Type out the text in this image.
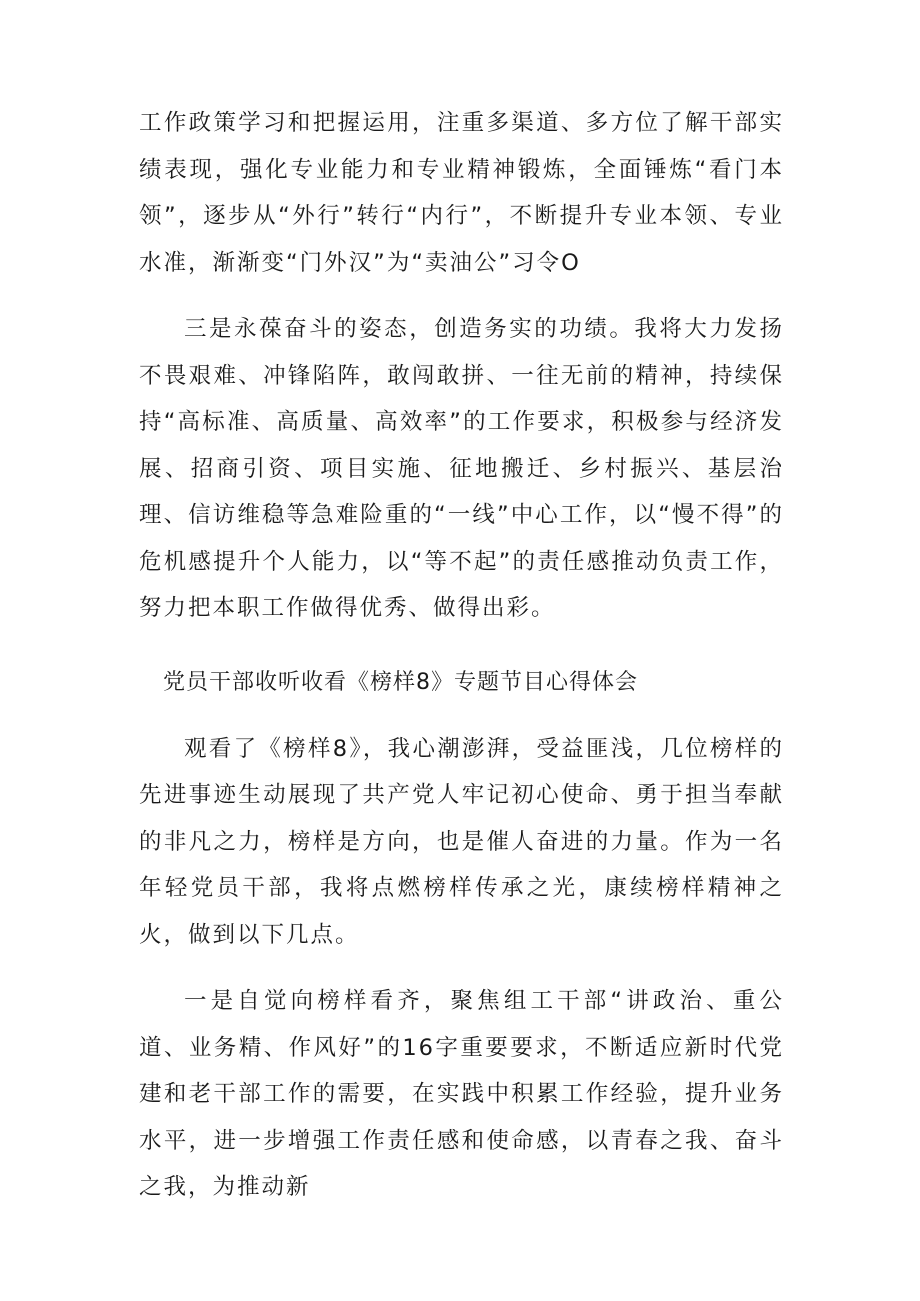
工作政策学习和把握运用，注重多渠道、多方位了解干部实绩表现，强化专业能力和专业精神锻炼，全面锤炼“看门本领”，逐步从“外行”转行“内行”，不断提升专业本领、专业水准，渐渐变“门外汉”为“卖油公”习令O

三是永葆奋斗的姿态，创造务实的功绩。我将大力发扬不畏艰难、冲锋陷阵，敢闯敢拼、一往无前的精神，持续保持“高标准、高质量、高效率”的工作要求，积极参与经济发展、招商引资、项目实施、征地搬迁、乡村振兴、基层治理、信访维稳等急难险重的“一线”中心工作，以“慢不得”的危机感提升个人能力，以“等不起”的责任感推动负责工作，努力把本职工作做得优秀、做得出彩。

党员干部收听收看《榜样8》专题节目心得体会

观看了《榜样8》，我心潮澎湃，受益匪浅，几位榜样的先进事迹生动展现了共产党人牢记初心使命、勇于担当奉献的非凡之力，榜样是方向，也是催人奋进的力量。作为一名年轻党员干部，我将点燃榜样传承之光，康续榜样精神之火，做到以下几点。

一是自觉向榜样看齐，聚焦组工干部“讲政治、重公道、业务精、作风好”的16字重要要求，不断适应新时代党建和老干部工作的需要，在实践中积累工作经验，提升业务水平，进一步增强工作责任感和使命感，以青春之我、奋斗之我，为推动新
